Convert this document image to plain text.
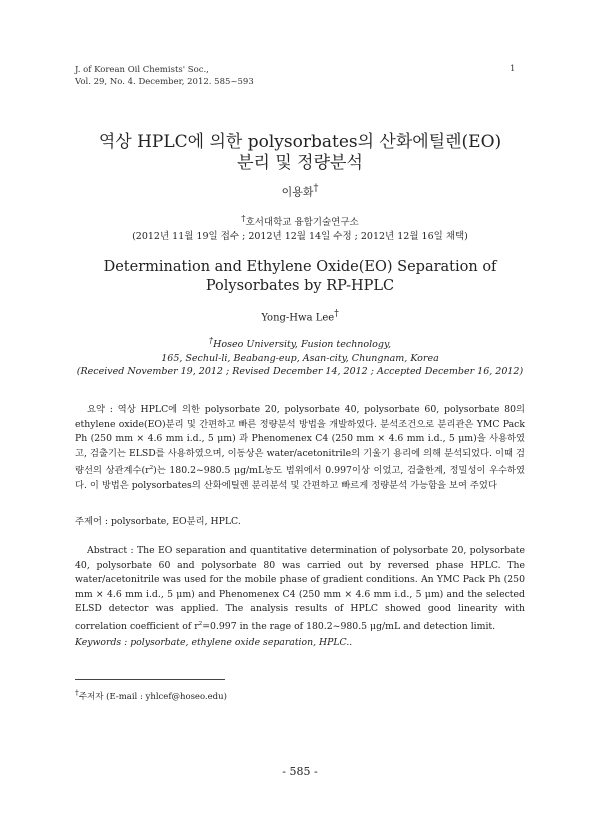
J. of Korean Oil Chemists' Soc.,
Vol. 29, No. 4. December, 2012. 585~593
1
역상 HPLC에 의한 polysorbates의 산화에틸렌(EO)
분리 및 정량분석
이용화†
†호서대학교 융합기술연구소
(2012년 11월 19일 접수 ; 2012년 12월 14일 수정 ; 2012년 12월 16일 채택)
Determination and Ethylene Oxide(EO) Separation of
Polysorbates by RP-HPLC
Yong-Hwa Lee†
†Hoseo University, Fusion technology,
165, Sechul-li, Beabang-eup, Asan-city, Chungnam, Korea
(Received November 19, 2012 ; Revised December 14, 2012 ; Accepted December 16, 2012)
요약 : 역상 HPLC에 의한 polysorbate 20, polysorbate 40, polysorbate 60, polysorbate 80의 ethylene oxide(EO)분리 및 간편하고 빠른 정량분석 방법을 개발하였다. 분석조건으로 분리관은 YMC Pack Ph (250 mm × 4.6 mm i.d., 5 μm) 과 Phenomenex C4 (250 mm × 4.6 mm i.d., 5 μm)을 사용하였고, 검출기는 ELSD를 사용하였으며, 이동상은 water/acetonitrile의 기울기 용리에 의해 분석되었다. 이때 검량선의 상관계수$(r^2)$는 180.2~980.5 μg/mL농도 범위에서 0.997이상 이었고, 검출한계, 정밀성이 우수하였다. 이 방법은 polysorbates의 산화에틸렌 분리분석 및 간편하고 빠르게 정량분석 가능함을 보여 주었다
주제어 : polysorbate, EO분리, HPLC.
Abstract : The EO separation and quantitative determination of polysorbate 20, polysorbate 40, polysorbate 60 and polysorbate 80 was carried out by reversed phase HPLC. The water/acetonitrile was used for the mobile phase of gradient conditions. An YMC Pack Ph (250 mm × 4.6 mm i.d., 5 μm) and Phenomenex C4 (250 mm × 4.6 mm i.d., 5 μm) and the selected ELSD detector was applied. The analysis results of HPLC showed good linearity with correlation coefficient of $r^2=0.997$ in the rage of 180.2~980.5 μg/mL and detection limit.
Keywords : polysorbate, ethylene oxide separation, HPLC..
†주저자 (E-mail : yhlcef@hoseo.edu)
- 585 -
